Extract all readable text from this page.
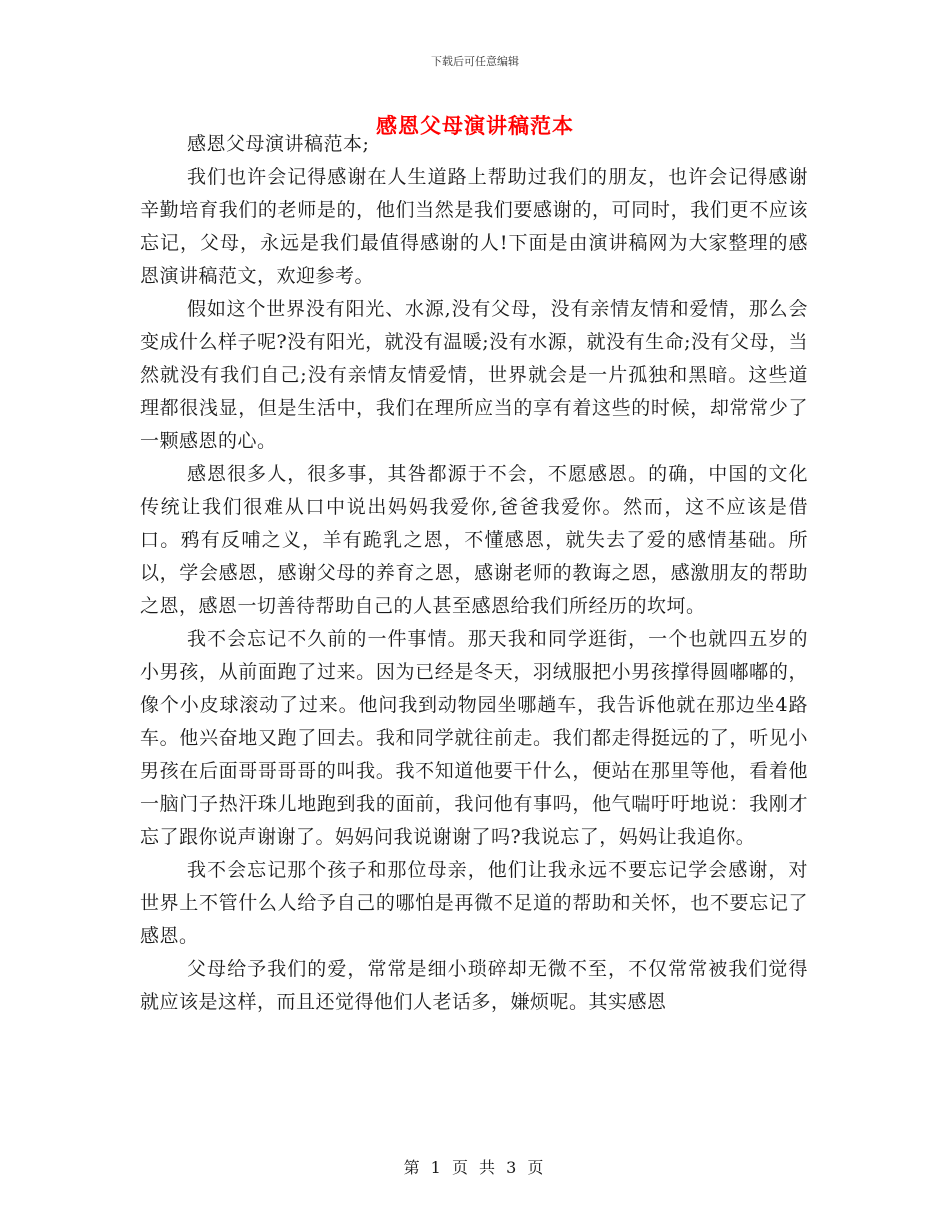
下载后可任意编辑
感恩父母演讲稿范本

感恩父母演讲稿范本;

我们也许会记得感谢在人生道路上帮助过我们的朋友，也许会记得感谢辛勤培育我们的老师是的，他们当然是我们要感谢的，可同时，我们更不应该忘记，父母，永远是我们最值得感谢的人!下面是由演讲稿网为大家整理的感恩演讲稿范文，欢迎参考。

假如这个世界没有阳光、水源,没有父母，没有亲情友情和爱情，那么会变成什么样子呢?没有阳光，就没有温暖;没有水源，就没有生命;没有父母，当然就没有我们自己;没有亲情友情爱情，世界就会是一片孤独和黑暗。这些道理都很浅显，但是生活中，我们在理所应当的享有着这些的时候，却常常少了一颗感恩的心。

感恩很多人，很多事，其咎都源于不会，不愿感恩。的确，中国的文化传统让我们很难从口中说出妈妈我爱你,爸爸我爱你。然而，这不应该是借口。鸦有反哺之义，羊有跪乳之恩，不懂感恩，就失去了爱的感情基础。所以，学会感恩，感谢父母的养育之恩，感谢老师的教诲之恩，感激朋友的帮助之恩，感恩一切善待帮助自己的人甚至感恩给我们所经历的坎坷。

我不会忘记不久前的一件事情。那天我和同学逛街，一个也就四五岁的小男孩，从前面跑了过来。因为已经是冬天，羽绒服把小男孩撑得圆嘟嘟的，像个小皮球滚动了过来。他问我到动物园坐哪趟车，我告诉他就在那边坐4路车。他兴奋地又跑了回去。我和同学就往前走。我们都走得挺远的了，听见小男孩在后面哥哥哥哥的叫我。我不知道他要干什么，便站在那里等他，看着他一脑门子热汗珠儿地跑到我的面前，我问他有事吗，他气喘吁吁地说：我刚才忘了跟你说声谢谢了。妈妈问我说谢谢了吗?我说忘了，妈妈让我追你。

我不会忘记那个孩子和那位母亲，他们让我永远不要忘记学会感谢，对世界上不管什么人给予自己的哪怕是再微不足道的帮助和关怀，也不要忘记了感恩。

父母给予我们的爱，常常是细小琐碎却无微不至，不仅常常被我们觉得就应该是这样，而且还觉得他们人老话多，嫌烦呢。其实感恩

第 1 页 共 3 页
